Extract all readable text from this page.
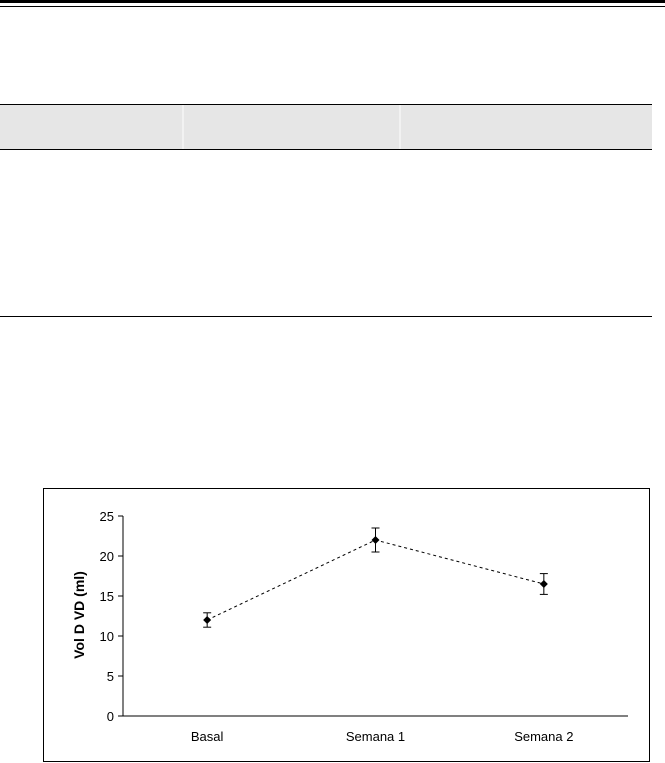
0
5
10
15
20
25
Basal	Semana 1	Semana 2
Vol D VD (ml)
